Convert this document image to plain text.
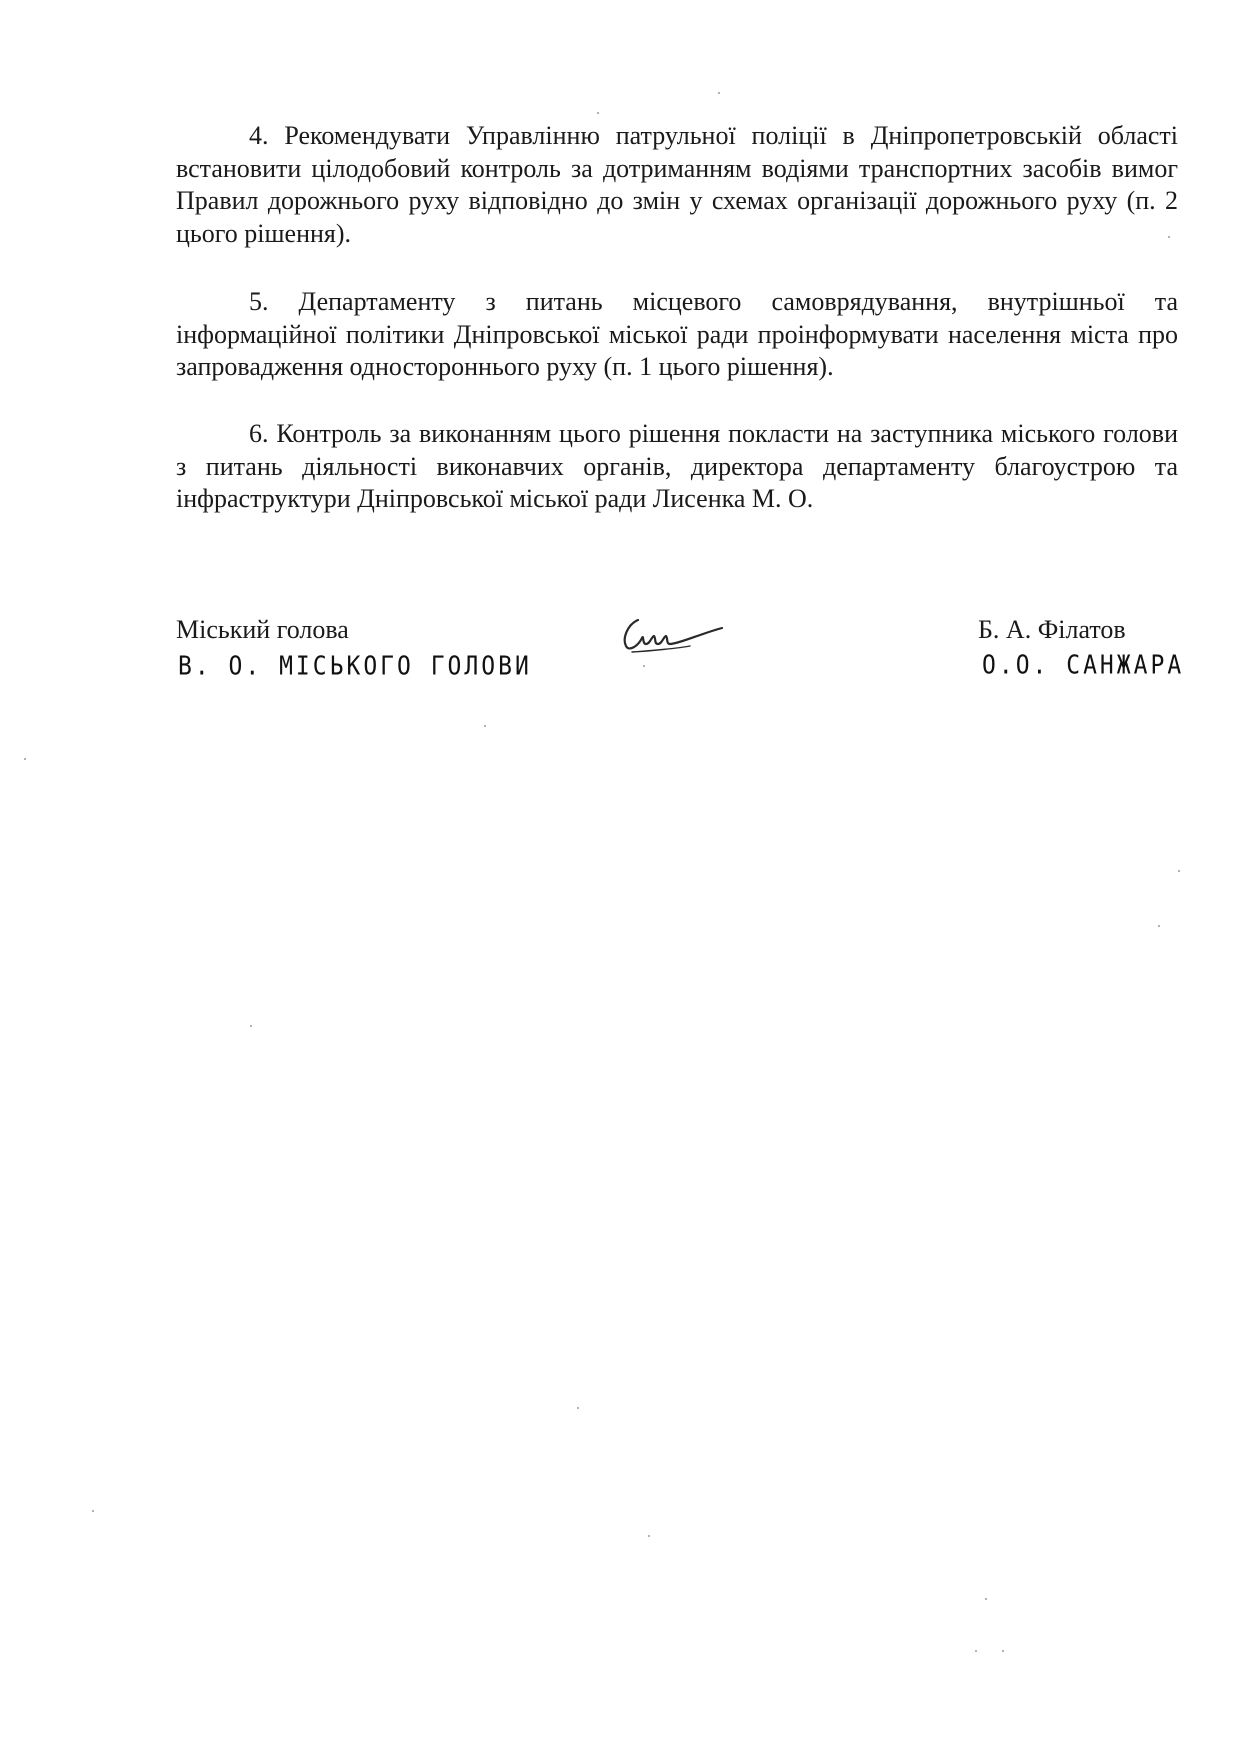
4. Рекомендувати Управлінню патрульної поліції в Дніпропетровській області встановити цілодобовий контроль за дотриманням водіями транспортних засобів вимог Правил дорожнього руху відповідно до змін у схемах організації дорожнього руху (п. 2 цього рішення).

5. Департаменту з питань місцевого самоврядування, внутрішньої та інформаційної політики Дніпровської міської ради проінформувати населення міста про запровадження одностороннього руху (п. 1 цього рішення).

6. Контроль за виконанням цього рішення покласти на заступника міського голови з питань діяльності виконавчих органів, директора департаменту благоустрою та інфраструктури Дніпровської міської ради Лисенка М. О.

Міський голова	Б. А. Філатов
В. О. МІСЬКОГО ГОЛОВИ	О.О. САНЖАРА
